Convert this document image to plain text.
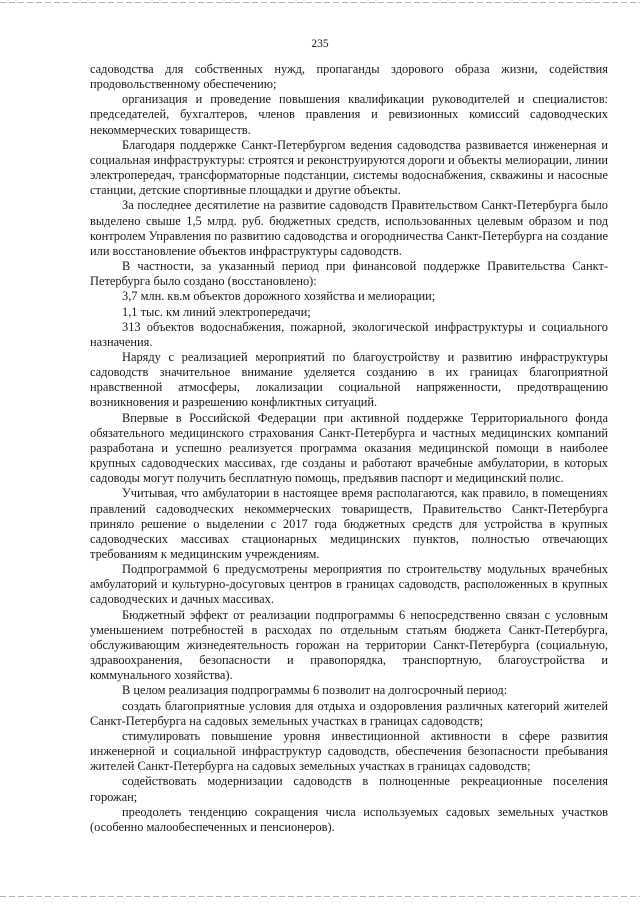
235

садоводства для собственных нужд, пропаганды здорового образа жизни, содействия продовольственному обеспечению;

организация и проведение повышения квалификации руководителей и специалистов: председателей, бухгалтеров, членов правления и ревизионных комиссий садоводческих некоммерческих товариществ.

Благодаря поддержке Санкт-Петербургом ведения садоводства развивается инженерная и социальная инфраструктуры: строятся и реконструируются дороги и объекты мелиорации, линии электропередач, трансформаторные подстанции, системы водоснабжения, скважины и насосные станции, детские спортивные площадки и другие объекты.

За последнее десятилетие на развитие садоводств Правительством Санкт-Петербурга было выделено свыше 1,5 млрд. руб. бюджетных средств, использованных целевым образом и под контролем Управления по развитию садоводства и огородничества Санкт-Петербурга на создание или восстановление объектов инфраструктуры садоводств.

В частности, за указанный период при финансовой поддержке Правительства Санкт-Петербурга было создано (восстановлено):

3,7 млн. кв.м объектов дорожного хозяйства и мелиорации;

1,1 тыс. км линий электропередачи;

313 объектов водоснабжения, пожарной, экологической инфраструктуры и социального назначения.

Наряду с реализацией мероприятий по благоустройству и развитию инфраструктуры садоводств значительное внимание уделяется созданию в их границах благоприятной нравственной атмосферы, локализации социальной напряженности, предотвращению возникновения и разрешению конфликтных ситуаций.

Впервые в Российской Федерации при активной поддержке Территориального фонда обязательного медицинского страхования Санкт-Петербурга и частных медицинских компаний разработана и успешно реализуется программа оказания медицинской помощи в наиболее крупных садоводческих массивах, где созданы и работают врачебные амбулатории, в которых садоводы могут получить бесплатную помощь, предъявив паспорт и медицинский полис.

Учитывая, что амбулатории в настоящее время располагаются, как правило, в помещениях правлений садоводческих некоммерческих товариществ, Правительство Санкт-Петербурга приняло решение о выделении с 2017 года бюджетных средств для устройства в крупных садоводческих массивах стационарных медицинских пунктов, полностью отвечающих требованиям к медицинским учреждениям.

Подпрограммой 6 предусмотрены мероприятия по строительству модульных врачебных амбулаторий и культурно-досуговых центров в границах садоводств, расположенных в крупных садоводческих и дачных массивах.

Бюджетный эффект от реализации подпрограммы 6 непосредственно связан с условным уменьшением потребностей в расходах по отдельным статьям бюджета Санкт-Петербурга, обслуживающим жизнедеятельность горожан на территории Санкт-Петербурга (социальную, здравоохранения, безопасности и правопорядка, транспортную, благоустройства и коммунального хозяйства).

В целом реализация подпрограммы 6 позволит на долгосрочный период:

создать благоприятные условия для отдыха и оздоровления различных категорий жителей Санкт-Петербурга на садовых земельных участках в границах садоводств;

стимулировать повышение уровня инвестиционной активности в сфере развития инженерной и социальной инфраструктур садоводств, обеспечения безопасности пребывания жителей Санкт-Петербурга на садовых земельных участках в границах садоводств;

содействовать модернизации садоводств в полноценные рекреационные поселения горожан;

преодолеть тенденцию сокращения числа используемых садовых земельных участков (особенно малообеспеченных и пенсионеров).
